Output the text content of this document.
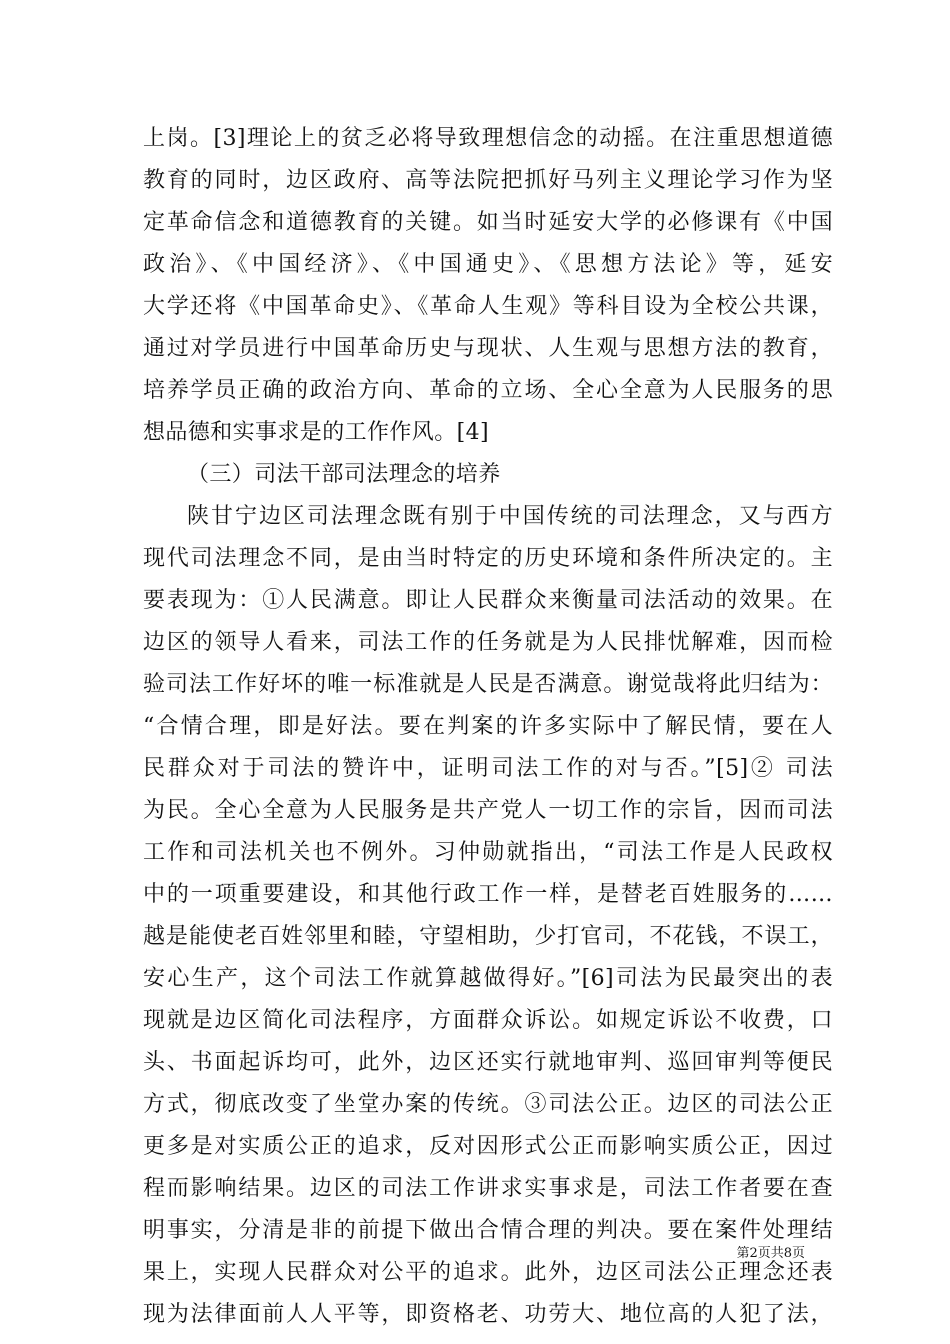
上岗。[3]理论上的贫乏必将导致理想信念的动摇。在注重思想道德
教育的同时，边区政府、高等法院把抓好马列主义理论学习作为坚
定革命信念和道德教育的关键。如当时延安大学的必修课有《中国
政治》、《中国经济》、《中国通史》、《思想方法论》等，延安
大学还将《中国革命史》、《革命人生观》等科目设为全校公共课，
通过对学员进行中国革命历史与现状、人生观与思想方法的教育，
培养学员正确的政治方向、革命的立场、全心全意为人民服务的思
想品德和实事求是的工作作风。[4]
（三）司法干部司法理念的培养
陕甘宁边区司法理念既有别于中国传统的司法理念，又与西方
现代司法理念不同，是由当时特定的历史环境和条件所决定的。主
要表现为：①人民满意。即让人民群众来衡量司法活动的效果。在
边区的领导人看来，司法工作的任务就是为人民排忧解难，因而检
验司法工作好坏的唯一标准就是人民是否满意。谢觉哉将此归结为：
“合情合理，即是好法。要在判案的许多实际中了解民情，要在人
民群众对于司法的赞许中，证明司法工作的对与否。”[5]② 司法
为民。全心全意为人民服务是共产党人一切工作的宗旨，因而司法
工作和司法机关也不例外。习仲勋就指出，“司法工作是人民政权
中的一项重要建设，和其他行政工作一样，是替老百姓服务的……
越是能使老百姓邻里和睦，守望相助，少打官司，不花钱，不误工，
安心生产，这个司法工作就算越做得好。”[6]司法为民最突出的表
现就是边区简化司法程序，方面群众诉讼。如规定诉讼不收费，口
头、书面起诉均可，此外，边区还实行就地审判、巡回审判等便民
方式，彻底改变了坐堂办案的传统。③司法公正。边区的司法公正
更多是对实质公正的追求，反对因形式公正而影响实质公正，因过
程而影响结果。边区的司法工作讲求实事求是，司法工作者要在查
明事实，分清是非的前提下做出合情合理的判决。要在案件处理结
果上，实现人民群众对公平的追求。此外，边区司法公正理念还表
现为法律面前人人平等，即资格老、功劳大、地位高的人犯了法，
第2页共8页
